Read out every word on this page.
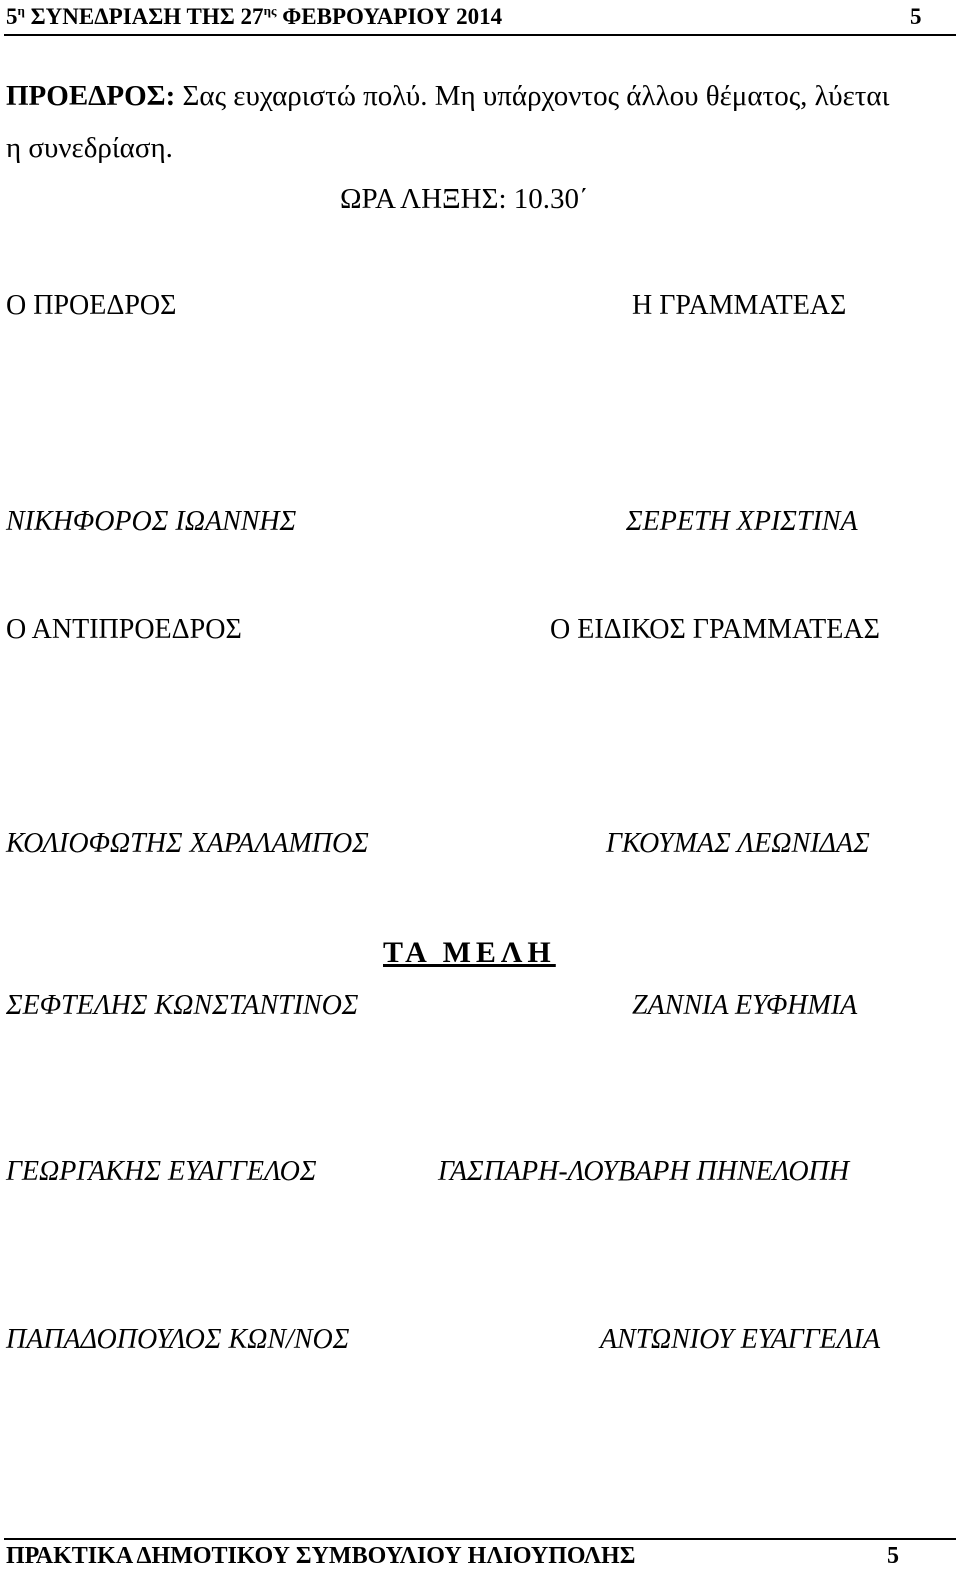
$5^\eta$ ΣΥΝΕΔΡΙΑΣΗ ΤΗΣ $27^{\eta\varsigma}$ ΦΕΒΡΟΥΑΡΙΟΥ 2014	5
ΠΡΟΕΔΡΟΣ: Σας ευχαριστώ πολύ. Μη υπάρχοντος άλλου θέματος, λύεται
η συνεδρίαση.
ΩΡΑ ΛΗΞΗΣ: 10.30΄
Ο ΠΡΟΕΔΡΟΣ	Η ΓΡΑΜΜΑΤΕΑΣ
ΝΙΚΗΦΟΡΟΣ ΙΩΑΝΝΗΣ	ΣΕΡΕΤΗ ΧΡΙΣΤΙΝΑ
Ο ΑΝΤΙΠΡΟΕΔΡΟΣ	Ο ΕΙΔΙΚΟΣ ΓΡΑΜΜΑΤΕΑΣ
ΚΟΛΙΟΦΩΤΗΣ ΧΑΡΑΛΑΜΠΟΣ	ΓΚΟΥΜΑΣ ΛΕΩΝΙΔΑΣ
ΤΑ ΜΕΛΗ
ΣΕΦΤΕΛΗΣ ΚΩΝΣΤΑΝΤΙΝΟΣ	ΖΑΝΝΙΑ ΕΥΦΗΜΙΑ
ΓΕΩΡΓΑΚΗΣ ΕΥΑΓΓΕΛΟΣ	ΓΑΣΠΑΡΗ-ΛΟΥΒΑΡΗ ΠΗΝΕΛΟΠΗ
ΠΑΠΑΔΟΠΟΥΛΟΣ ΚΩΝ/ΝΟΣ	ΑΝΤΩΝΙΟΥ ΕΥΑΓΓΕΛΙΑ
ΠΡΑΚΤΙΚΑ ΔΗΜΟΤΙΚΟΥ ΣΥΜΒΟΥΛΙΟΥ ΗΛΙΟΥΠΟΛΗΣ	5
